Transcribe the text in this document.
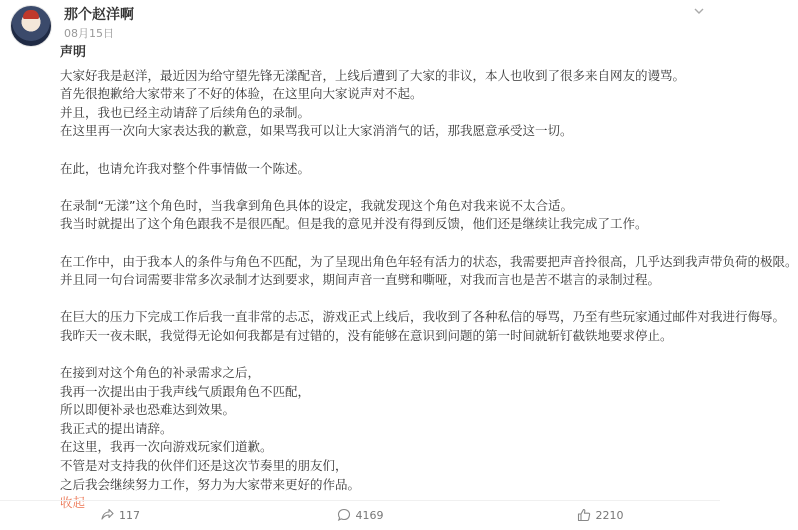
那个赵洋啊
08月15日

声明

大家好我是赵洋，最近因为给守望先锋无漾配音，上线后遭到了大家的非议，本人也收到了很多来自网友的谩骂。

首先很抱歉给大家带来了不好的体验，在这里向大家说声对不起。

并且，我也已经主动请辞了后续角色的录制。

在这里再一次向大家表达我的歉意，如果骂我可以让大家消消气的话，那我愿意承受这一切。

在此，也请允许我对整个件事情做一个陈述。

在录制“无漾”这个角色时，当我拿到角色具体的设定，我就发现这个角色对我来说不太合适。

我当时就提出了这个角色跟我不是很匹配。但是我的意见并没有得到反馈，他们还是继续让我完成了工作。

在工作中，由于我本人的条件与角色不匹配，为了呈现出角色年轻有活力的状态，我需要把声音拎很高，几乎达到我声带负荷的极限。

并且同一句台词需要非常多次录制才达到要求，期间声音一直劈和嘶哑，对我而言也是苦不堪言的录制过程。

在巨大的压力下完成工作后我一直非常的忐忑，游戏正式上线后，我收到了各种私信的辱骂，乃至有些玩家通过邮件对我进行侮辱。

我昨天一夜未眠，我觉得无论如何我都是有过错的，没有能够在意识到问题的第一时间就斩钉截铁地要求停止。

在接到对这个角色的补录需求之后，

我再一次提出由于我声线气质跟角色不匹配，

所以即便补录也恐难达到效果。

我正式的提出请辞。

在这里，我再一次向游戏玩家们道歉。

不管是对支持我的伙伴们还是这次节奏里的朋友们，

之后我会继续努力工作，努力为大家带来更好的作品。

收起

117	4169	2210
